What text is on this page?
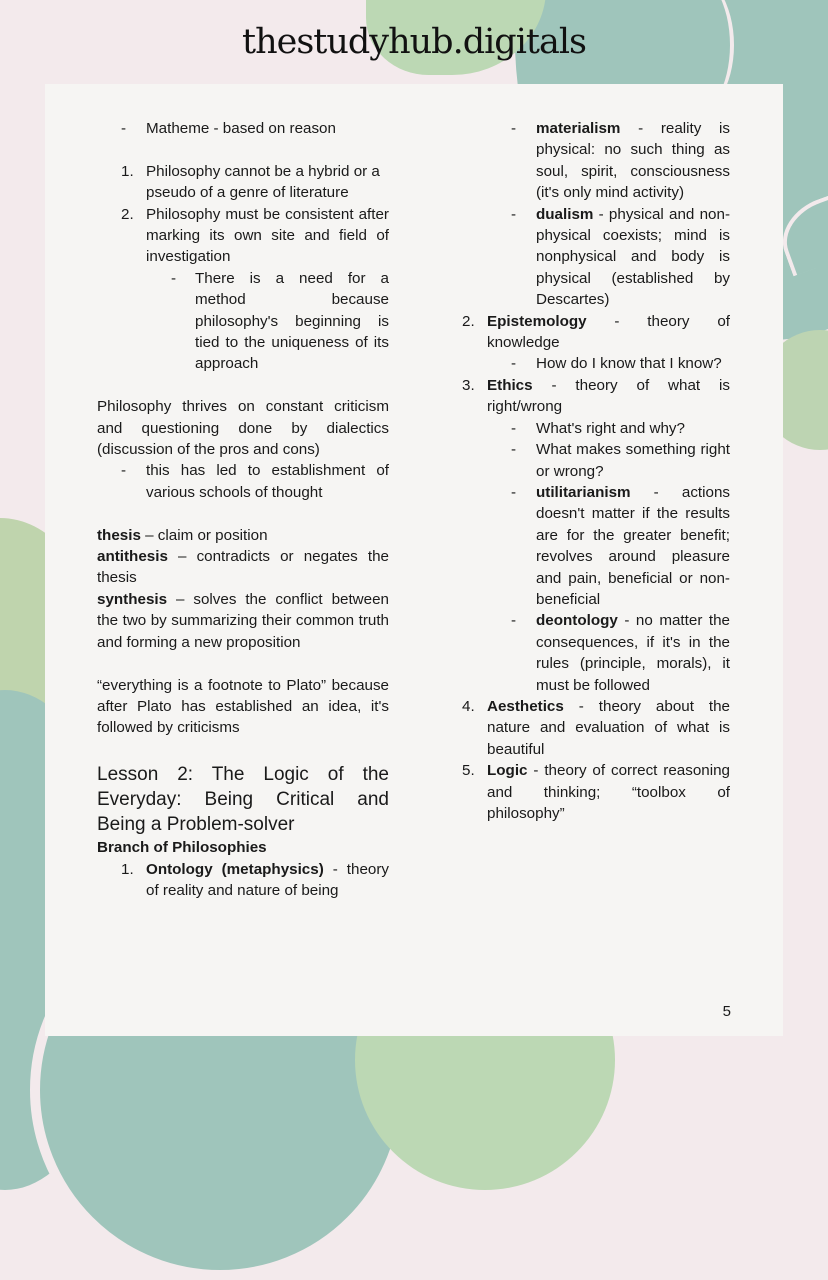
thestudyhub.digitals
-	Matheme - based on reason
1. Philosophy cannot be a hybrid or a pseudo of a genre of literature
2. Philosophy must be consistent after marking its own site and field of investigation
-	There is a need for a method because philosophy's beginning is tied to the uniqueness of its approach

Philosophy thrives on constant criticism and questioning done by dialectics (discussion of the pros and cons)

-	this has led to establishment of various schools of thought

thesis – claim or position

antithesis – contradicts or negates the thesis

synthesis – solves the conflict between the two by summarizing their common truth and forming a new proposition

“everything is a footnote to Plato” because after Plato has established an idea, it's followed by criticisms

Lesson 2: The Logic of the Everyday: Being Critical and Being a Problem-solver

Branch of Philosophies

1. Ontology (metaphysics) - theory of reality and nature of being
-	materialism - reality is physical: no such thing as soul, spirit, consciousness (it's only mind activity)
-	dualism - physical and non-physical coexists; mind is nonphysical and body is physical (established by Descartes)
2. Epistemology - theory of knowledge
-	How do I know that I know?
3. Ethics - theory of what is right/wrong
-	What's right and why?
-	What makes something right or wrong?
-	utilitarianism - actions doesn't matter if the results are for the greater benefit; revolves around pleasure and pain, beneficial or non-beneficial
-	deontology - no matter the consequences, if it's in the rules (principle, morals), it must be followed
4. Aesthetics - theory about the nature and evaluation of what is beautiful
5. Logic - theory of correct reasoning and thinking; “toolbox of philosophy”
5
